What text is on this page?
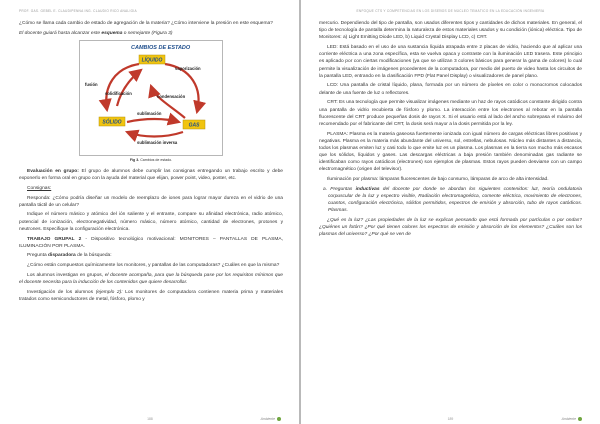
PROF. GAS. GEBEL E. CLAUDIPENNA ING. CLAUDIO RICO ANALIGIA

¿Cómo se llama cada cambio de estado de agregación de la materia? ¿Cómo interviene la presión en este esquema?

El docente guiará hasta alcanzar este esquema o semejante (Figura 3)

CAMBIOS DE ESTADO
LÍQUIDO
SÓLIDO	GAS
vaporización
fusión
solidificación
condensación
sublimación
sublimación inversa
Fig 3. Cambios de estado.

Evaluación en grupo: El grupo de alumnos debe cumplir las consignas entregando un trabajo escrito y debe exponerlo en forma oral en grupo con la ayuda del material que elijan, power point, video, poster, etc.

Consignas:

Responda: ¿Cómo podría diseñar un modelo de reemplazo de iones para lograr mayor dureza en el vidrio de una pantalla táctil de un celular?

Indique el número másico y atómico del ión saliente y el entrante, compare su afinidad electrónica, radio atómico, potencial de ionización, electronegatividad, número másico, número atómico, cantidad de electrones, protones y neutrones. Especifique la configuración electrónica.

TRABAJO GRUPAL 2 - Dispositivo tecnológico motivacional: MONITORES – PANTALLAS DE PLASMA, ILUMINACIÓN POR PLASMA.

Pregunta disparadora de la búsqueda:

¿Cómo están compuestos químicamente los monitores, y pantallas de las computadoras? ¿Cuáles en que la misma?

Los alumnos investigan en grupos, el docente acompaña, para que la búsqueda pase por los requisitos mínimos que el docente necesita para la inducción de los contenidos que quiere desarrollar.

Investigación de los alumnos (ejemplo 2): Los monitores de computadora contienen materia prima y materiales tratados como semiconductores de metal, fósforo, plomo y

188	Ambiente
ENFOQUE CTS Y COMPETENCIAS EN LOS DISEÑOS DE NÚCLEO TEMÁTICO EN LA EDUCACIÓN INGENIERÍA

mercurio. Dependiendo del tipo de pantalla, son usados diferentes tipos y cantidades de dichos materiales. En general, el tipo de tecnología de pantalla determina la naturaleza de estos materiales usados y su condición (iónica) eléctrica. Tipo de Monitores: a) Light Emitting Diode LED, b) Liquid Crystal Display LCD, c) CRT.

LED: Está basado en el uso de una sustancia líquida atrapada entre 2 placas de vidrio, haciendo que al aplicar una corriente eléctrica a una zona específica, esta se vuelva opaca y contraste con la iluminación LED trasera. Este principio es aplicado por con ciertas modificaciones (ya que se utilizan 3 colores básicos para generar la gama de colores) lo cual permite la visualización de imágenes procedentes de la computadora, por medio del puerto de video hasta los circuitos de la pantalla LED, entrando en la clasificación FPD (Flat Panel Display) o visualizadores de panel plano.

LCD: Una pantalla de cristal líquido, plana, formada por un número de píxeles en color o monocromos colocados delante de una fuente de luz o reflectores.

CRT: Es una tecnología que permite visualizar imágenes mediante un haz de rayos catódicos constante dirigido contra una pantalla de vidrio recubierta de fósforo y plomo. La interacción entre los electrones al rebotar en la pantalla fluorescente del CRT produce pequeñas dosis de rayos X. Si el usuario está al lado del ancho sobrepasa el máximo del recomendado por el fabricante del CRT, la dosis será mayor a la dosis permitida por la ley.

PLASMA: Plasma es la materia gaseosa fuertemente ionizada con igual número de cargas eléctricas libres positivas y negativas. Plasma es la materia más abundante del universo, sol, estrellas, nebulosas. Núcleo más distantes a distancia, todos los plasmas emiten luz y casi todo lo que emite luz es un plasma. Los plasmas en la tierra son mucho más escasos que los sólidos, líquidos y gases. Las descargas eléctricas a baja presión también denominadas gas radiante se identificaban como rayos catódicos (electrones) son ejemplos de plasmas. Estos rayos pueden desviarse con un campo electromagnético (origen del televisor).

Iluminación por plasma: lámparas fluorescentes de bajo consumo, lámparas de arco de alta intensidad.

a. Preguntas inductivas del docente por donde se abordan los siguientes contenidos: luz, teoría ondulatoria corpuscular de la luz y espectro visible, Radiación electromagnética, comente eléctrica, movimiento de electrones, cuantos, configuración electrónica, sólidos permitidos, espectros de emisión y absorción, tubo de rayos catódicos. Plasmas.

¿Qué es la luz? ¿Las propiedades de la luz se explican pensando que está formada por partículas o por ondas? ¿Quiénes un fotón? ¿Por qué tienen colores los espectros de emisión y absorción de los elementos? ¿Cuáles son los plasmas del universo? ¿Por qué se ven de

189	Ambiente
